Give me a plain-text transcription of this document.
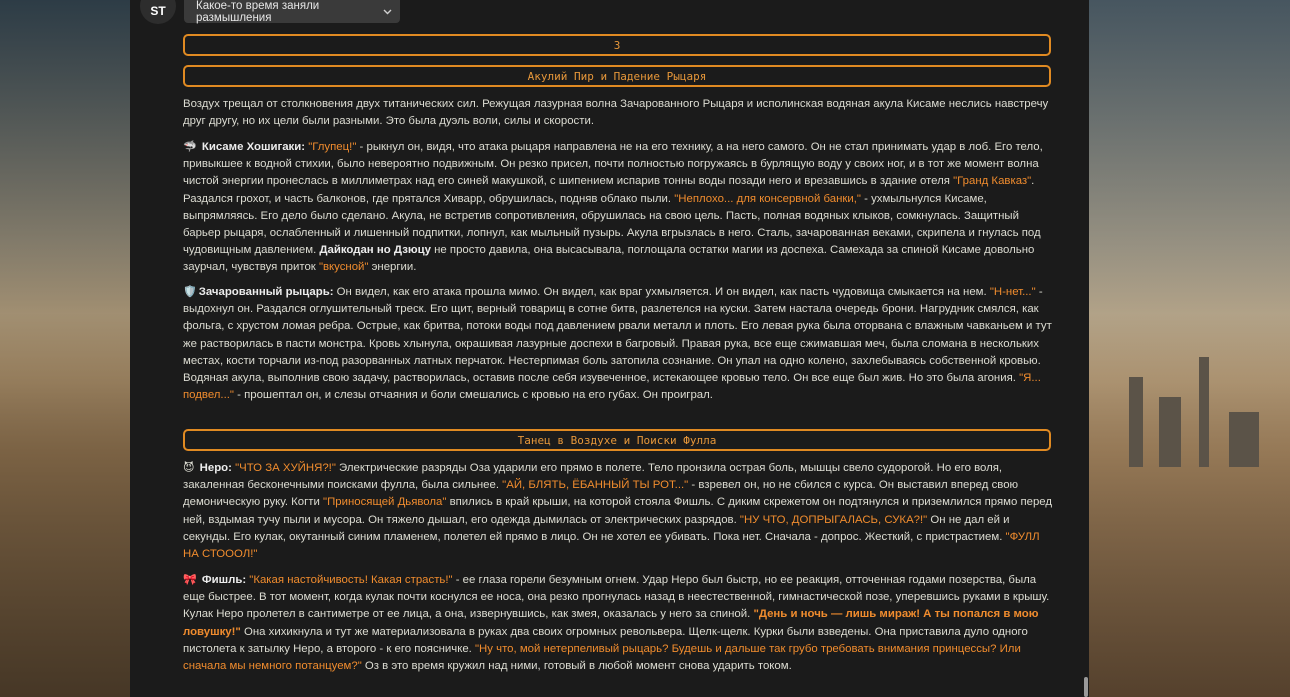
ST	Какое-то время заняли размышления
3
Акулий Пир и Падение Рыцаря

Воздух трещал от столкновения двух титанических сил. Режущая лазурная волна Зачарованного Рыцаря и исполинская водяная акула Кисаме неслись навстречу друг другу, но их цели были разными. Это была дуэль воли, силы и скорости.

🦈 Кисаме Хошигаки: "Глупец!" - рыкнул он, видя, что атака рыцаря направлена не на его технику, а на него самого. Он не стал принимать удар в лоб. Его тело, привыкшее к водной стихии, было невероятно подвижным. Он резко присел, почти полностью погружаясь в бурлящую воду у своих ног, и в тот же момент волна чистой энергии пронеслась в миллиметрах над его синей макушкой, с шипением испарив тонны воды позади него и врезавшись в здание отеля "Гранд Кавказ". Раздался грохот, и часть балконов, где прятался Хиварр, обрушилась, подняв облако пыли. "Неплохо... для консервной банки," - ухмыльнулся Кисаме, выпрямляясь. Его дело было сделано. Акула, не встретив сопротивления, обрушилась на свою цель. Пасть, полная водяных клыков, сомкнулась. Защитный барьер рыцаря, ослабленный и лишенный подпитки, лопнул, как мыльный пузырь. Акула вгрызлась в него. Сталь, зачарованная веками, скрипела и гнулась под чудовищным давлением. Дайкодан но Дзюцу не просто давила, она высасывала, поглощала остатки магии из доспеха. Самехада за спиной Кисаме довольно заурчал, чувствуя приток "вкусной" энергии.

🛡️ Зачарованный рыцарь: Он видел, как его атака прошла мимо. Он видел, как враг ухмыляется. И он видел, как пасть чудовища смыкается на нем. "Н-нет..." - выдохнул он. Раздался оглушительный треск. Его щит, верный товарищ в сотне битв, разлетелся на куски. Затем настала очередь брони. Нагрудник смялся, как фольга, с хрустом ломая ребра. Острые, как бритва, потоки воды под давлением рвали металл и плоть. Его левая рука была оторвана с влажным чавканьем и тут же растворилась в пасти монстра. Кровь хлынула, окрашивая лазурные доспехи в багровый. Правая рука, все еще сжимавшая меч, была сломана в нескольких местах, кости торчали из-под разорванных латных перчаток. Нестерпимая боль затопила сознание. Он упал на одно колено, захлебываясь собственной кровью. Водяная акула, выполнив свою задачу, растворилась, оставив после себя изувеченное, истекающее кровью тело. Он все еще был жив. Но это была агония. "Я... подвел..." - прошептал он, и слезы отчаяния и боли смешались с кровью на его губах. Он проиграл.

Танец в Воздухе и Поиски Фулла

😈 Неро: "ЧТО ЗА ХУЙНЯ?!" Электрические разряды Оза ударили его прямо в полете. Тело пронзила острая боль, мышцы свело судорогой. Но его воля, закаленная бесконечными поисками фулла, была сильнее. "АЙ, БЛЯТЬ, ЁБАННЫЙ ТЫ РОТ..." - взревел он, но не сбился с курса. Он выставил вперед свою демоническую руку. Когти "Приносящей Дьявола" впились в край крыши, на которой стояла Фишль. С диким скрежетом он подтянулся и приземлился прямо перед ней, вздымая тучу пыли и мусора. Он тяжело дышал, его одежда дымилась от электрических разрядов. "НУ ЧТО, ДОПРЫГАЛАСЬ, СУКА?!" Он не дал ей и секунды. Его кулак, окутанный синим пламенем, полетел ей прямо в лицо. Он не хотел ее убивать. Пока нет. Сначала - допрос. Жесткий, с пристрастием. "ФУЛЛ НА СТОООЛ!"

🎀 Фишль: "Какая настойчивость! Какая страсть!" - ее глаза горели безумным огнем. Удар Неро был быстр, но ее реакция, отточенная годами позерства, была еще быстрее. В тот момент, когда кулак почти коснулся ее носа, она резко прогнулась назад в неестественной, гимнастической позе, уперевшись руками в крышу. Кулак Неро пролетел в сантиметре от ее лица, а она, извернувшись, как змея, оказалась у него за спиной. "День и ночь — лишь мираж! А ты попался в мою ловушку!" Она хихикнула и тут же материализовала в руках два своих огромных револьвера. Щелк-щелк. Курки были взведены. Она приставила дуло одного пистолета к затылку Неро, а второго - к его поясничке. "Ну что, мой нетерпеливый рыцарь? Будешь и дальше так грубо требовать внимания принцессы? Или сначала мы немного потанцуем?" Оз в это время кружил над ними, готовый в любой момент снова ударить током.
